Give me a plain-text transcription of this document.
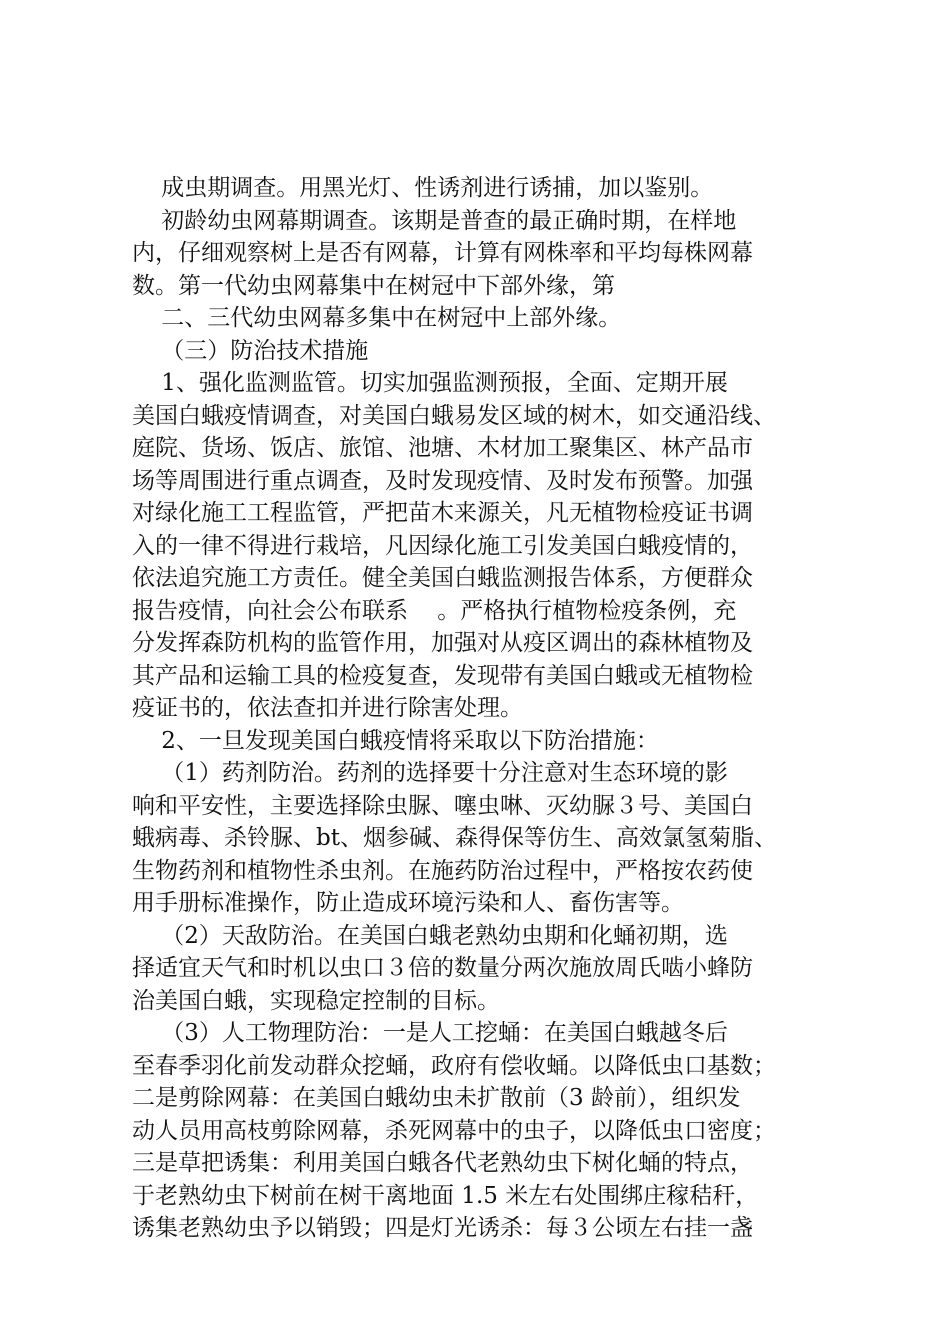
成虫期调查。用黑光灯、性诱剂进行诱捕，加以鉴别。
初龄幼虫网幕期调查。该期是普查的最正确时期，在样地
内，仔细观察树上是否有网幕，计算有网株率和平均每株网幕
数。第一代幼虫网幕集中在树冠中下部外缘，第
二、三代幼虫网幕多集中在树冠中上部外缘。
（三）防治技术措施
1、强化监测监管。切实加强监测预报，全面、定期开展
美国白蛾疫情调查，对美国白蛾易发区域的树木，如交通沿线、
庭院、货场、饭店、旅馆、池塘、木材加工聚集区、林产品市
场等周围进行重点调查，及时发现疫情、及时发布预警。加强
对绿化施工工程监管，严把苗木来源关，凡无植物检疫证书调
入的一律不得进行栽培，凡因绿化施工引发美国白蛾疫情的，
依法追究施工方责任。健全美国白蛾监测报告体系，方便群众
报告疫情，向社会公布联系    。严格执行植物检疫条例，充
分发挥森防机构的监管作用，加强对从疫区调出的森林植物及
其产品和运输工具的检疫复查，发现带有美国白蛾或无植物检
疫证书的，依法查扣并进行除害处理。
2、一旦发现美国白蛾疫情将采取以下防治措施：
（1）药剂防治。药剂的选择要十分注意对生态环境的影
响和平安性，主要选择除虫脲、噻虫啉、灭幼脲３号、美国白
蛾病毒、杀铃脲、bt、烟参碱、森得保等仿生、高效氯氢菊脂、
生物药剂和植物性杀虫剂。在施药防治过程中，严格按农药使
用手册标准操作，防止造成环境污染和人、畜伤害等。
（2）天敌防治。在美国白蛾老熟幼虫期和化蛹初期，选
择适宜天气和时机以虫口３倍的数量分两次施放周氏啮小蜂防
治美国白蛾，实现稳定控制的目标。
（3）人工物理防治：一是人工挖蛹：在美国白蛾越冬后
至春季羽化前发动群众挖蛹，政府有偿收蛹。以降低虫口基数；
二是剪除网幕：在美国白蛾幼虫未扩散前（3 龄前），组织发
动人员用高枝剪除网幕，杀死网幕中的虫子，以降低虫口密度；
三是草把诱集：利用美国白蛾各代老熟幼虫下树化蛹的特点，
于老熟幼虫下树前在树干离地面 1.5 米左右处围绑庄稼秸秆，
诱集老熟幼虫予以销毁；四是灯光诱杀：每３公顷左右挂一盏
